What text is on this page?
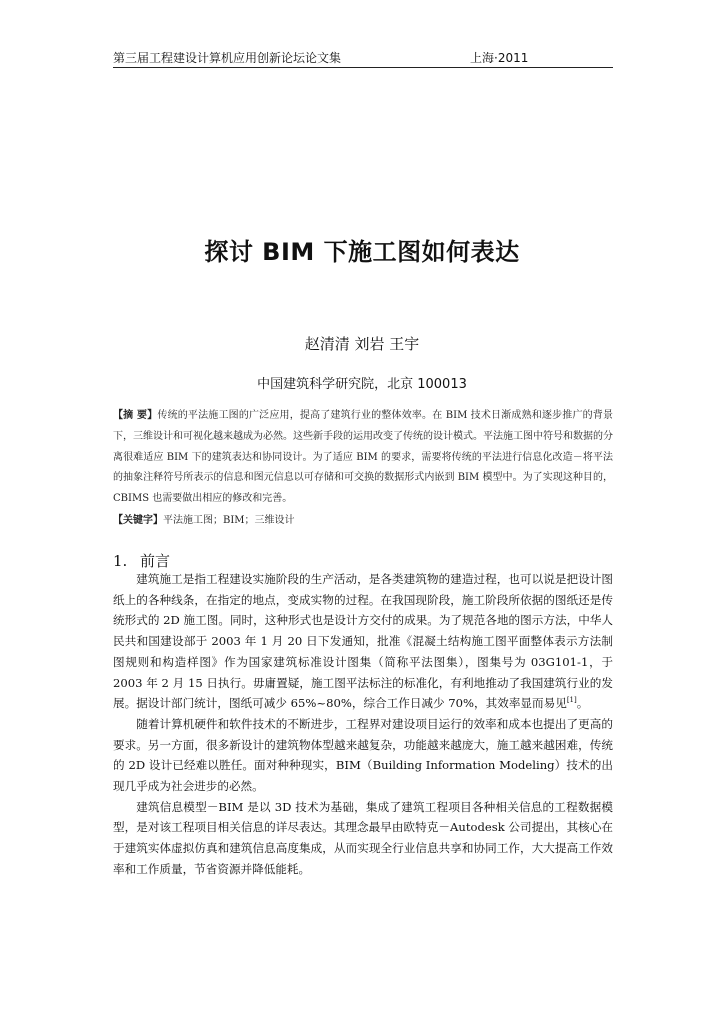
第三届工程建设计算机应用创新论坛论文集	上海·2011
探讨 BIM 下施工图如何表达
赵清清 刘岩 王宇
中国建筑科学研究院，北京 100013
【摘 要】传统的平法施工图的广泛应用，提高了建筑行业的整体效率。在 BIM 技术日渐成熟和逐步推广的背景下，三维设计和可视化越来越成为必然。这些新手段的运用改变了传统的设计模式。平法施工图中符号和数据的分离很难适应 BIM 下的建筑表达和协同设计。为了适应 BIM 的要求，需要将传统的平法进行信息化改造－将平法的抽象注释符号所表示的信息和图元信息以可存储和可交换的数据形式内嵌到 BIM 模型中。为了实现这种目的，CBIMS 也需要做出相应的修改和完善。
【关键字】平法施工图；BIM；三维设计
1. 前言

建筑施工是指工程建设实施阶段的生产活动，是各类建筑物的建造过程，也可以说是把设计图纸上的各种线条，在指定的地点，变成实物的过程。在我国现阶段，施工阶段所依据的图纸还是传统形式的 2D 施工图。同时，这种形式也是设计方交付的成果。为了规范各地的图示方法，中华人民共和国建设部于 2003 年 1 月 20 日下发通知，批准《混凝土结构施工图平面整体表示方法制图规则和构造样图》作为国家建筑标准设计图集（简称平法图集），图集号为 03G101-1，于 2003 年 2 月 15 日执行。毋庸置疑，施工图平法标注的标准化，有利地推动了我国建筑行业的发展。据设计部门统计，图纸可减少 65%~80%，综合工作日减少 70%，其效率显而易见[1]。

随着计算机硬件和软件技术的不断进步，工程界对建设项目运行的效率和成本也提出了更高的要求。另一方面，很多新设计的建筑物体型越来越复杂，功能越来越庞大，施工越来越困难，传统的 2D 设计已经难以胜任。面对种种现实，BIM（Building Information Modeling）技术的出现几乎成为社会进步的必然。

建筑信息模型－BIM 是以 3D 技术为基础，集成了建筑工程项目各种相关信息的工程数据模型，是对该工程项目相关信息的详尽表达。其理念最早由欧特克－Autodesk 公司提出，其核心在于建筑实体虚拟仿真和建筑信息高度集成，从而实现全行业信息共享和协同工作，大大提高工作效率和工作质量，节省资源并降低能耗。
